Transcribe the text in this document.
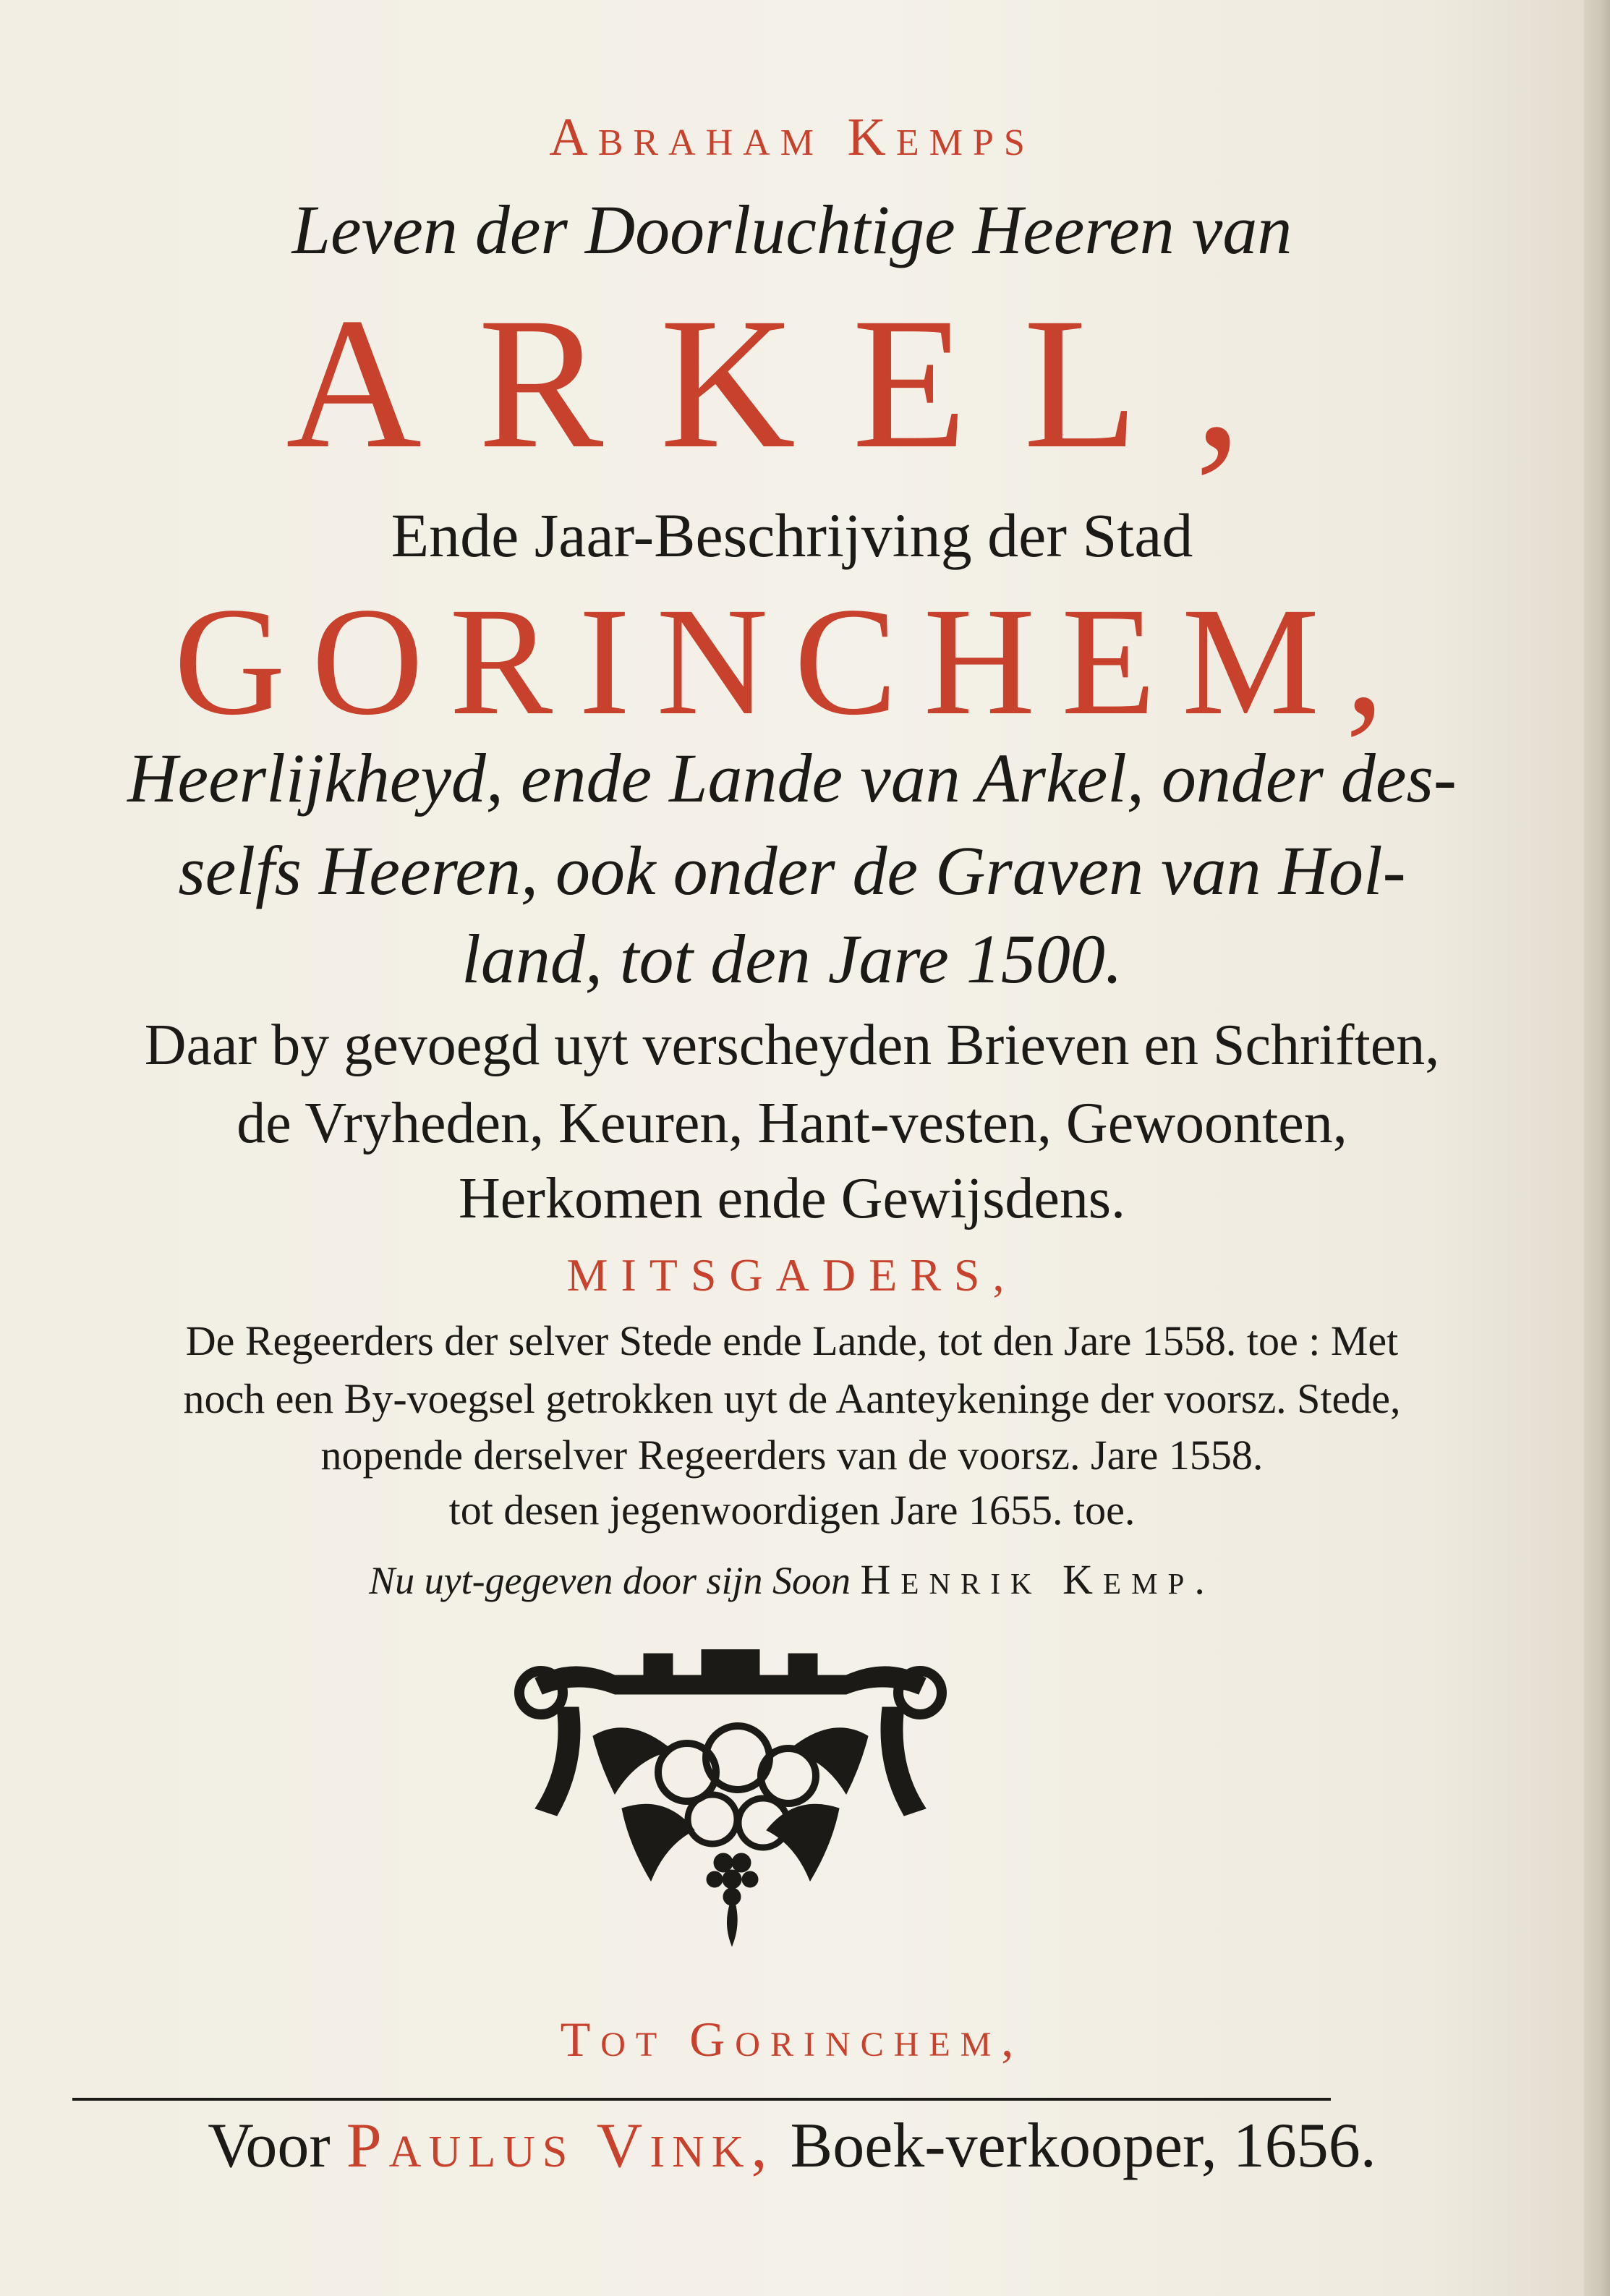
Abraham Kemps

Leven der Doorluchtige Heeren van

ARKEL,

Ende Jaar-Beschrijving der Stad

GORINCHEM,

Heerlijkheyd, ende Lande van Arkel, onder des-

selfs Heeren, ook onder de Graven van Hol-

land, tot den Jare 1500.

Daar by gevoegd uyt verscheyden Brieven en Schriften,

de Vryheden, Keuren, Hant-vesten, Gewoonten,

Herkomen ende Gewijsdens.

MITSGADERS,

De Regeerders der selver Stede ende Lande, tot den Jare 1558. toe : Met

noch een By-voegsel getrokken uyt de Aanteykeninge der voorsz. Stede,

nopende derselver Regeerders van de voorsz. Jare 1558.

tot desen jegenwoordigen Jare 1655. toe.

Nu uyt-gegeven door sijn Soon Henrik Kemp.

Tot Gorinchem,

Voor Paulus Vink, Boek-verkooper, 1656.
